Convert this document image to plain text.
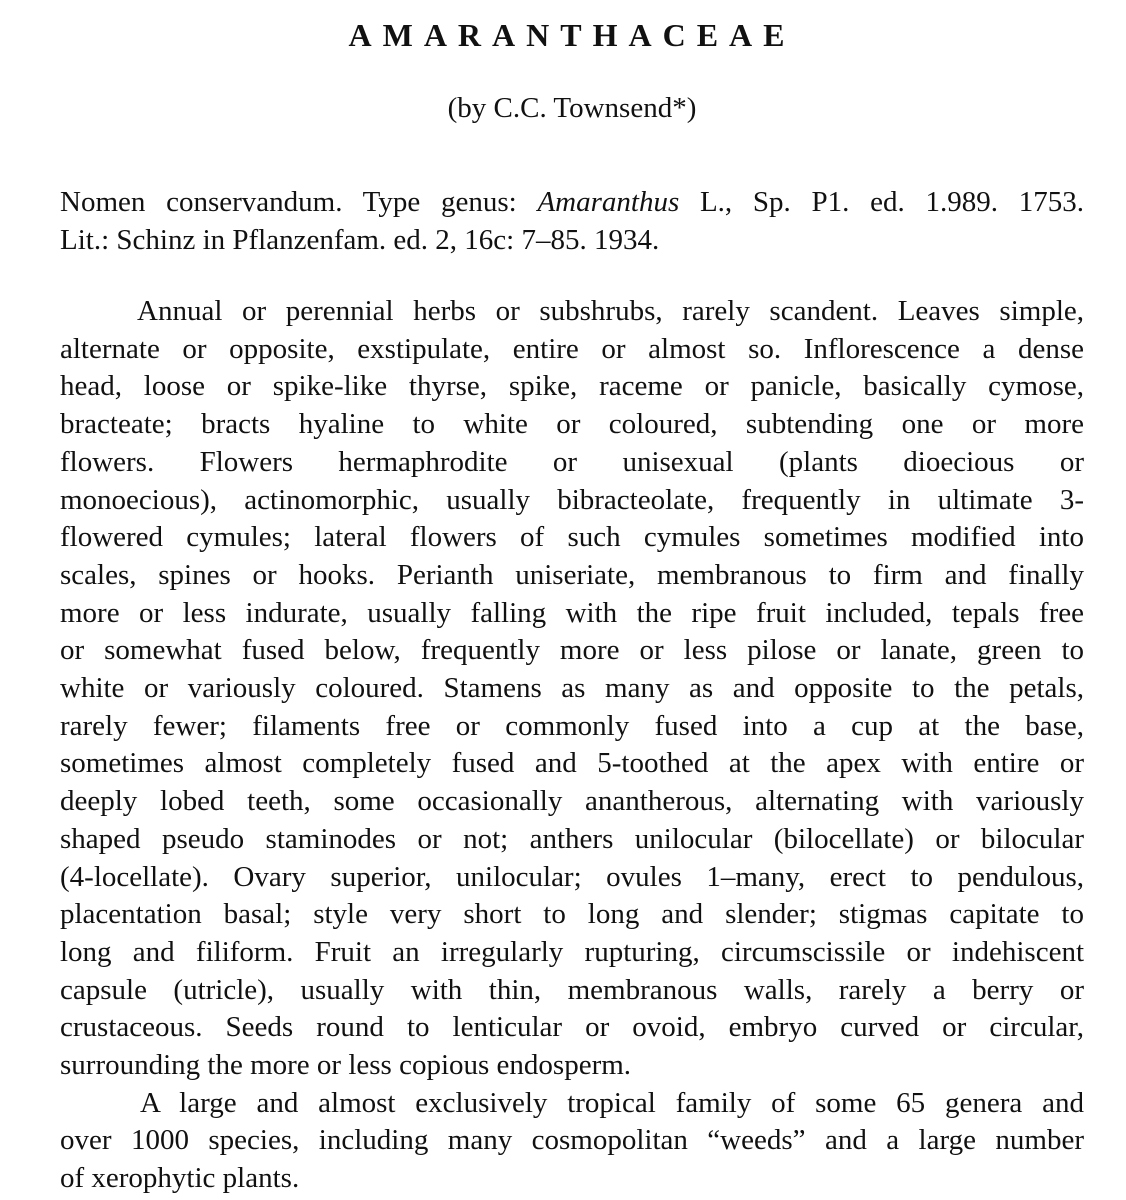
AMARANTHACEAE
(by C.C. Townsend*)
Nomen conservandum. Type genus: Amaranthus L., Sp. P1. ed. 1.989. 1753.
Lit.: Schinz in Pflanzenfam. ed. 2, 16c: 7–85. 1934.
Annual or perennial herbs or subshrubs, rarely scandent. Leaves simple,
alternate or opposite, exstipulate, entire or almost so. Inflorescence a dense
head, loose or spike-like thyrse, spike, raceme or panicle, basically cymose,
bracteate; bracts hyaline to white or coloured, subtending one or more
flowers. Flowers hermaphrodite or unisexual (plants dioecious or
monoecious), actinomorphic, usually bibracteolate, frequently in ultimate 3-
flowered cymules; lateral flowers of such cymules sometimes modified into
scales, spines or hooks. Perianth uniseriate, membranous to firm and finally
more or less indurate, usually falling with the ripe fruit included, tepals free
or somewhat fused below, frequently more or less pilose or lanate, green to
white or variously coloured. Stamens as many as and opposite to the petals,
rarely fewer; filaments free or commonly fused into a cup at the base,
sometimes almost completely fused and 5-toothed at the apex with entire or
deeply lobed teeth, some occasionally anantherous, alternating with variously
shaped pseudo staminodes or not; anthers unilocular (bilocellate) or bilocular
(4-locellate). Ovary superior, unilocular; ovules 1–many, erect to pendulous,
placentation basal; style very short to long and slender; stigmas capitate to
long and filiform. Fruit an irregularly rupturing, circumscissile or indehiscent
capsule (utricle), usually with thin, membranous walls, rarely a berry or
crustaceous. Seeds round to lenticular or ovoid, embryo curved or circular,
surrounding the more or less copious endosperm.
A large and almost exclusively tropical family of some 65 genera and
over 1000 species, including many cosmopolitan “weeds” and a large number
of xerophytic plants.
